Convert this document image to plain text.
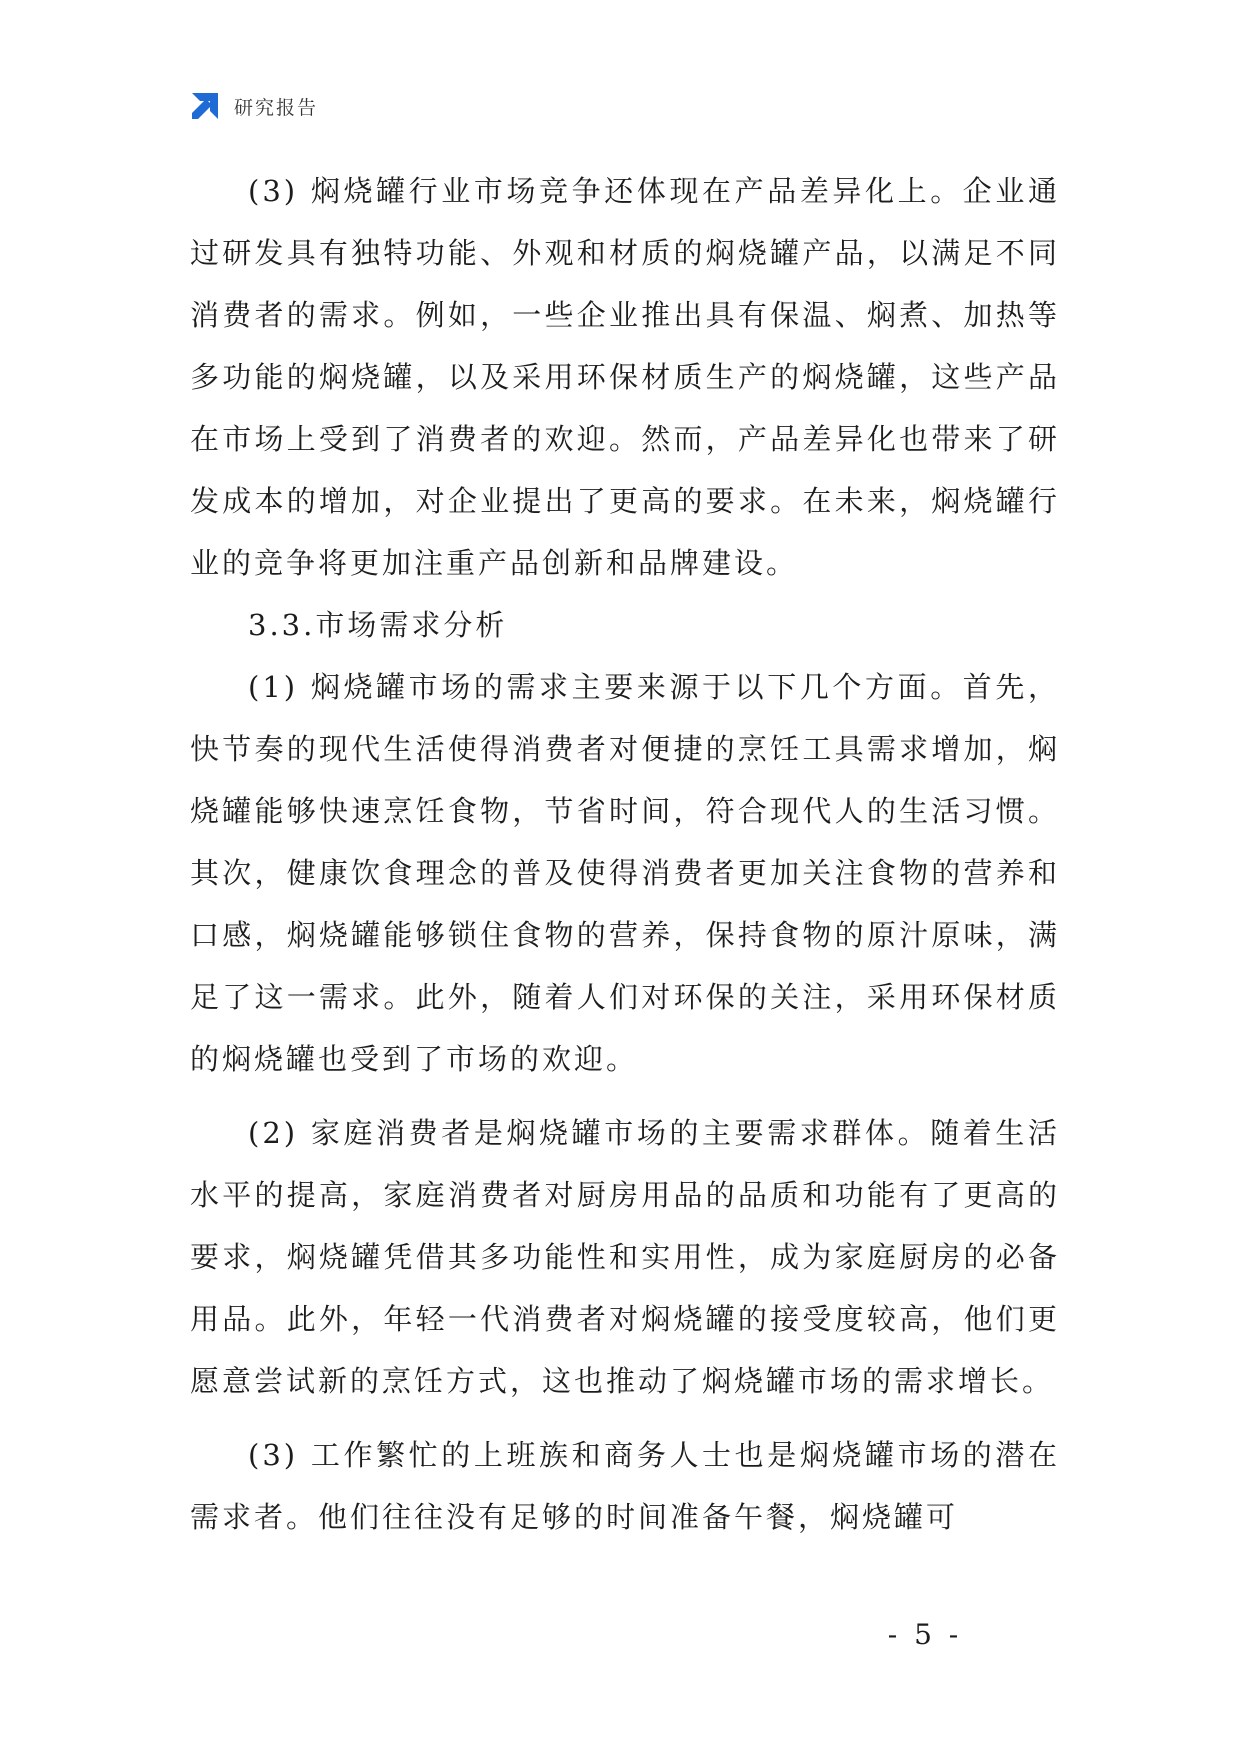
研究报告

(3) 焖烧罐行业市场竞争还体现在产品差异化上。企业通过研发具有独特功能、外观和材质的焖烧罐产品，以满足不同消费者的需求。例如，一些企业推出具有保温、焖煮、加热等多功能的焖烧罐，以及采用环保材质生产的焖烧罐，这些产品在市场上受到了消费者的欢迎。然而，产品差异化也带来了研发成本的增加，对企业提出了更高的要求。在未来，焖烧罐行业的竞争将更加注重产品创新和品牌建设。

3.3.市场需求分析

(1) 焖烧罐市场的需求主要来源于以下几个方面。首先，快节奏的现代生活使得消费者对便捷的烹饪工具需求增加，焖烧罐能够快速烹饪食物，节省时间，符合现代人的生活习惯。其次，健康饮食理念的普及使得消费者更加关注食物的营养和口感，焖烧罐能够锁住食物的营养，保持食物的原汁原味，满足了这一需求。此外，随着人们对环保的关注，采用环保材质的焖烧罐也受到了市场的欢迎。

(2) 家庭消费者是焖烧罐市场的主要需求群体。随着生活水平的提高，家庭消费者对厨房用品的品质和功能有了更高的要求，焖烧罐凭借其多功能性和实用性，成为家庭厨房的必备用品。此外，年轻一代消费者对焖烧罐的接受度较高，他们更愿意尝试新的烹饪方式，这也推动了焖烧罐市场的需求增长。

(3) 工作繁忙的上班族和商务人士也是焖烧罐市场的潜在需求者。他们往往没有足够的时间准备午餐，焖烧罐可

- 5 -
